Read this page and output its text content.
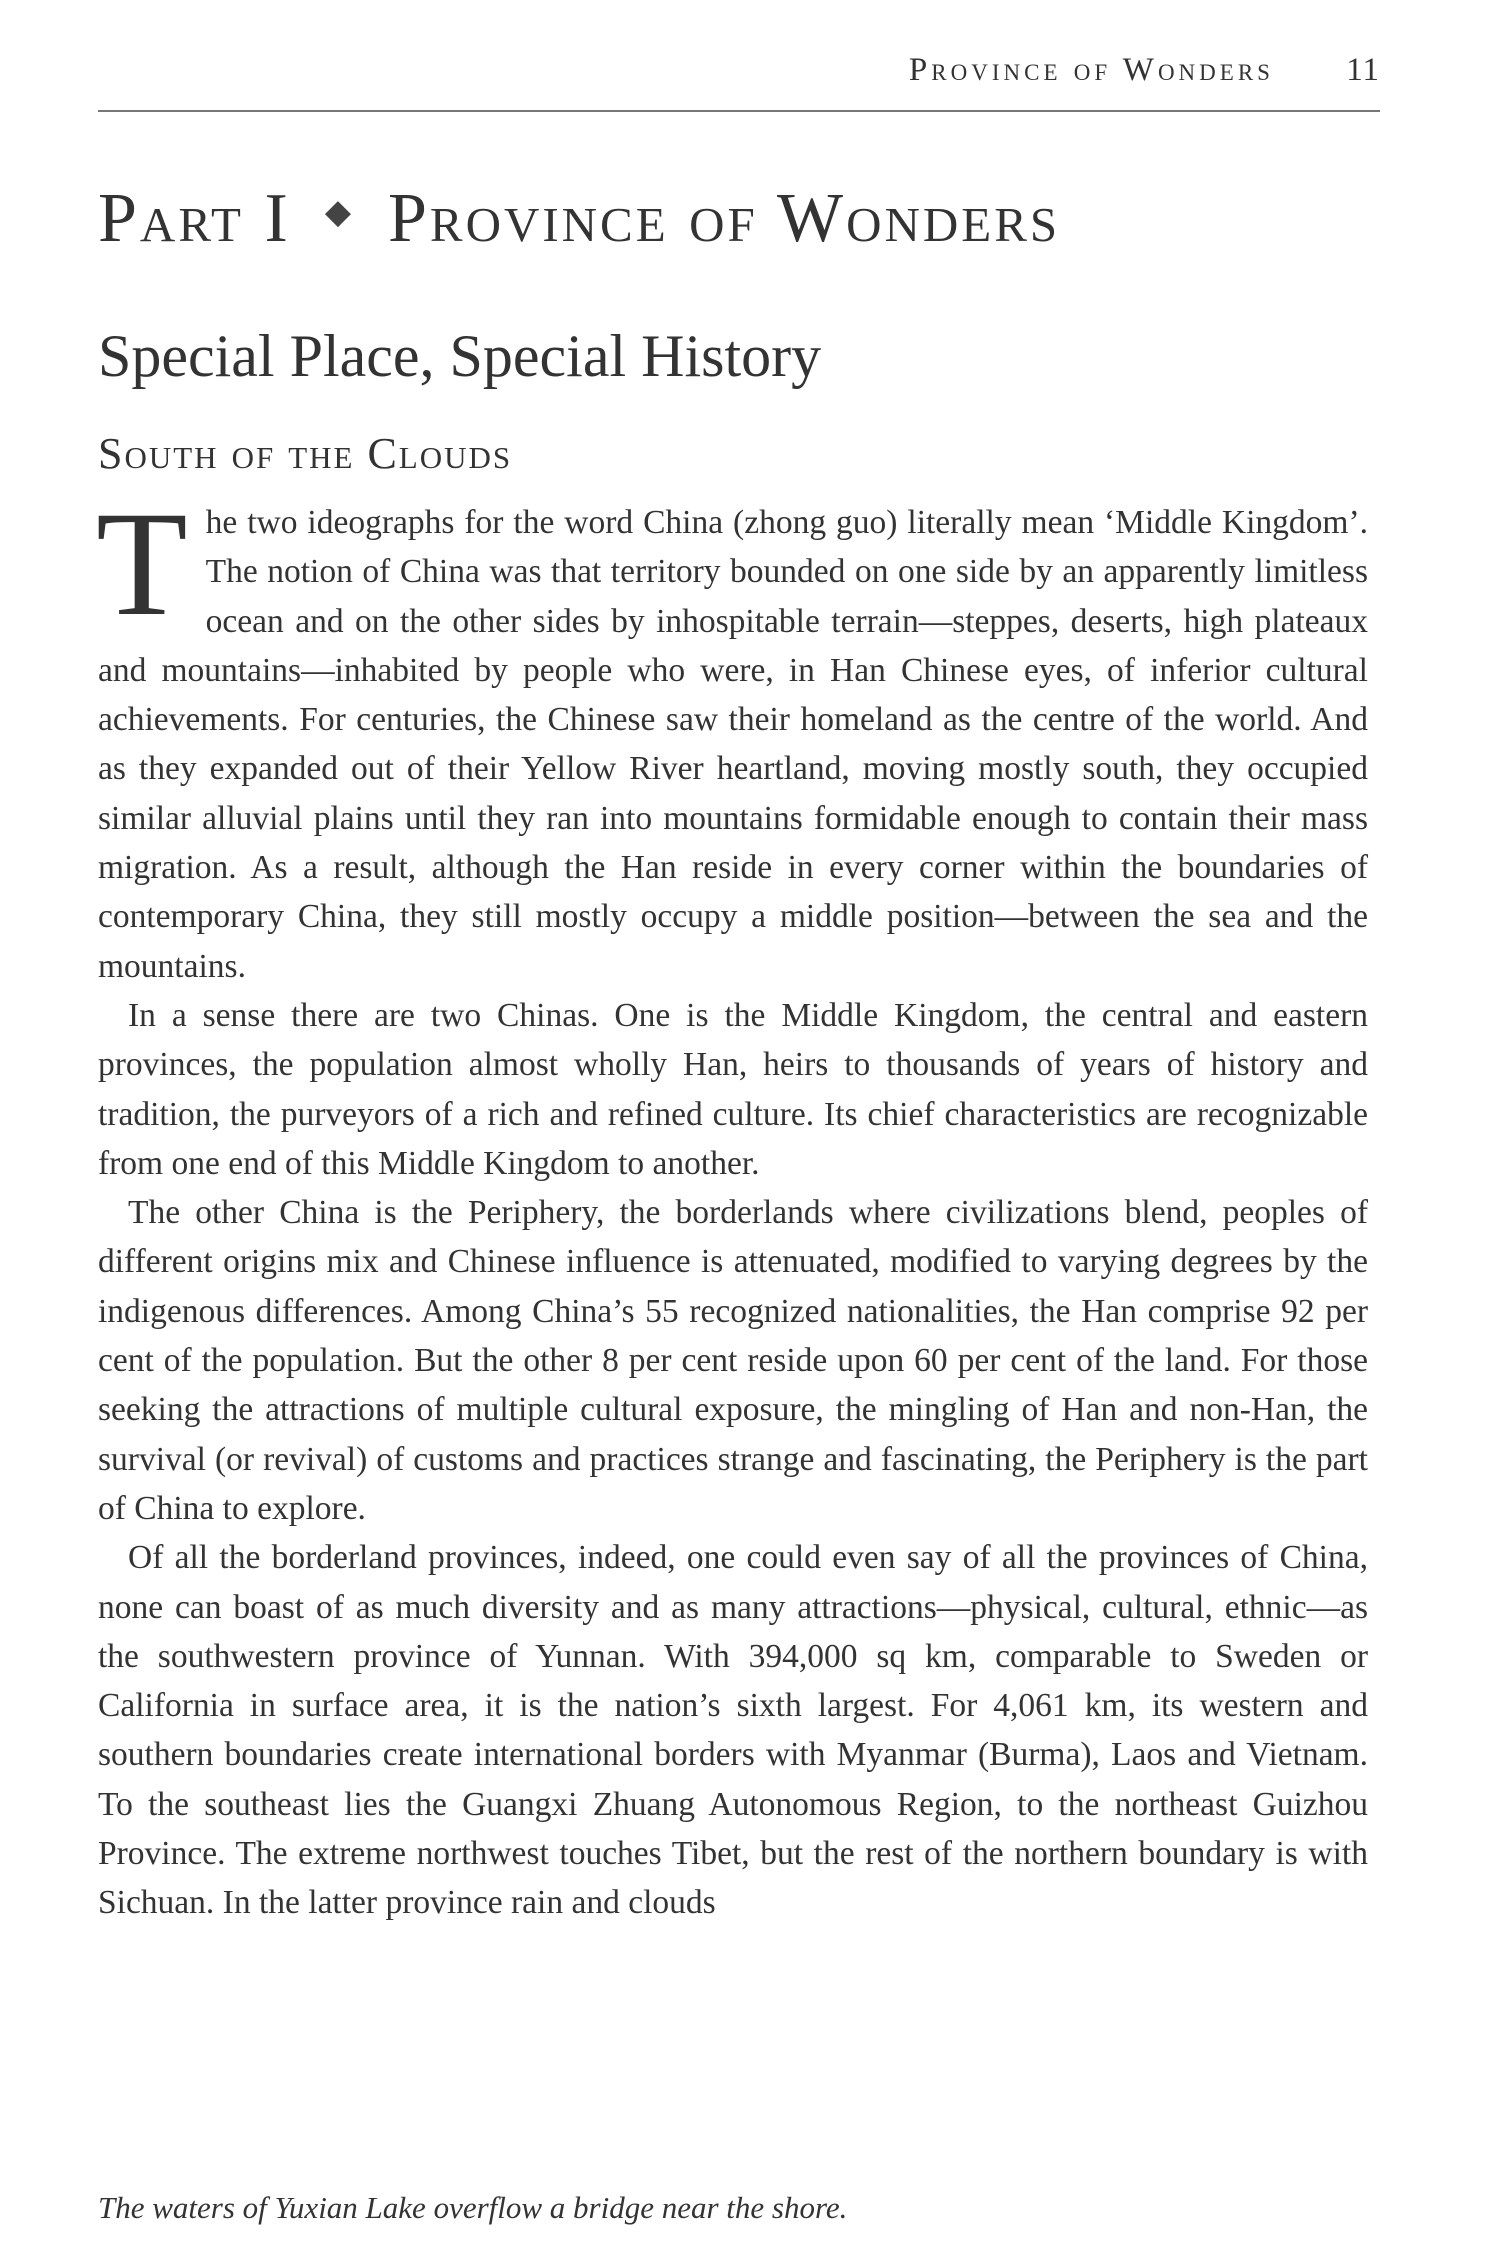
Province of Wonders 11
Part I ◆ Province of Wonders
Special Place, Special History
South of the Clouds

The two ideographs for the word China (zhong guo) literally mean ‘Middle Kingdom’. The notion of China was that territory bounded on one side by an apparently limitless ocean and on the other sides by inhospitable terrain—steppes, deserts, high plateaux and mountains—inhabited by people who were, in Han Chinese eyes, of inferior cultural achievements. For centuries, the Chinese saw their homeland as the centre of the world. And as they expanded out of their Yellow River heartland, moving mostly south, they occupied similar alluvial plains until they ran into mountains formidable enough to contain their mass migration. As a result, although the Han reside in every corner within the boundaries of contemporary China, they still mostly occupy a middle position—between the sea and the mountains.

In a sense there are two Chinas. One is the Middle Kingdom, the central and eastern provinces, the population almost wholly Han, heirs to thousands of years of history and tradition, the purveyors of a rich and refined culture. Its chief characteristics are recognizable from one end of this Middle Kingdom to another.

The other China is the Periphery, the borderlands where civilizations blend, peoples of different origins mix and Chinese influence is attenuated, modified to varying degrees by the indigenous differences. Among China’s 55 recognized nationalities, the Han comprise 92 per cent of the population. But the other 8 per cent reside upon 60 per cent of the land. For those seeking the attractions of multiple cultural exposure, the mingling of Han and non-Han, the survival (or revival) of customs and practices strange and fascinating, the Periphery is the part of China to explore.

Of all the borderland provinces, indeed, one could even say of all the provinces of China, none can boast of as much diversity and as many attractions—physical, cultural, ethnic—as the southwestern province of Yunnan. With 394,000 sq km, comparable to Sweden or California in surface area, it is the nation’s sixth largest. For 4,061 km, its western and southern boundaries create international borders with Myanmar (Burma), Laos and Vietnam. To the southeast lies the Guangxi Zhuang Autonomous Region, to the northeast Guizhou Province. The extreme northwest touches Tibet, but the rest of the northern boundary is with Sichuan. In the latter province rain and clouds

The waters of Yuxian Lake overflow a bridge near the shore.
